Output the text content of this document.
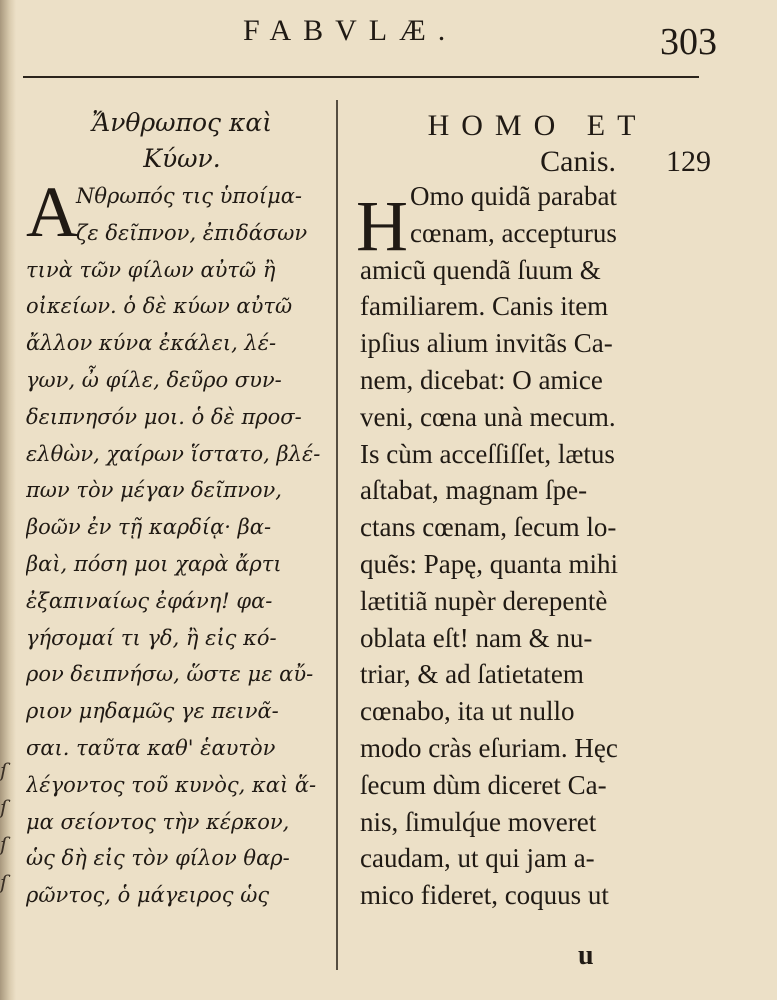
FABVLÆ.	303
ſ
ſ
ſ
ſ
Ἄνθρωπος καὶ
Κύων.
A
Νθρωπός τις ὑποίμα-
ζε δεῖπνον, ἐπιδάσων
τινὰ τῶν φίλων αὐτῶ ἢ
οἰκείων. ὁ δὲ κύων αὐτῶ
ἄλλον κύνα ἐκάλει, λέ-
γων, ὦ φίλε, δεῦρο συν-
δειπνησόν μοι. ὁ δὲ προσ-
ελθὼν, χαίρων ἵστατο, βλέ-
πων τὸν μέγαν δεῖπνον,
βοῶν ἐν τῇ καρδίᾳ· βα-
βαὶ, πόση μοι χαρὰ ἄρτι
ἐξαπιναίως ἐφάνη! φα-
γήσομαί τι γδ, ἢ εἰς κό-
ρον δειπνήσω, ὥστε με αὔ-
ριον μηδαμῶς γε πεινᾶ-
σαι. ταῦτα καθ' ἑαυτὸν
λέγοντος τοῦ κυνὸς, καὶ ἅ-
μα σείοντος τὴν κέρκον,
ὡς δὴ εἰς τὸν φίλον θαρ-
ρῶντος, ὁ μάγειρος ὡς
HOMO ET
Canis. 129
H Omo quidã parabat
cœnam, accepturus
amicũ quendã ſuum &
familiarem. Canis item
ipſius alium invitãs Ca-
nem, dicebat: O amice
veni, cœna unà mecum.
Is cùm acceſſiſſet, lætus
aſtabat, magnam ſpe-
ctans cœnam, ſecum lo-
quẽs: Papę, quanta mihi
lætitiã nupèr derepentè
oblata eſt! nam & nu-
triar, & ad ſatietatem
cœnabo, ita ut nullo
modo cràs eſuriam. Hęc
ſecum dùm diceret Ca-
nis, ſimulq́ue moveret
caudam, ut qui jam a-
mico fideret, coquus ut
u
